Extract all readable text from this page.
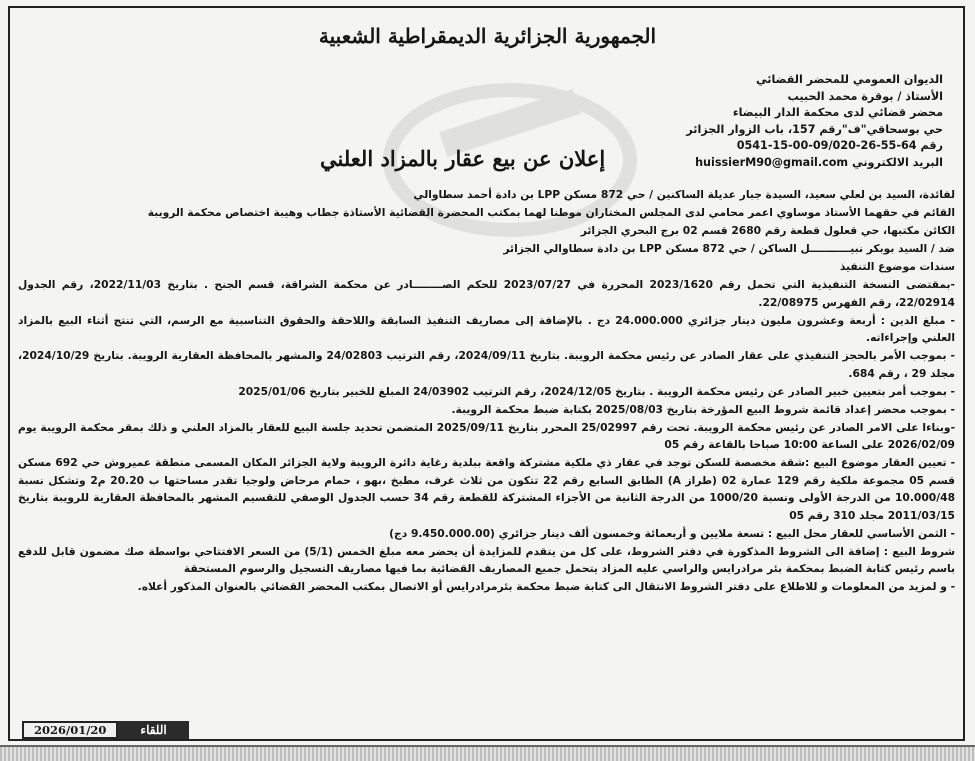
الجمهورية الجزائرية الديمقراطية الشعبية
الديوان العمومي للمحضر القضائي
الأستاذ / بوقرة محمد الحبيب
محضر قضائي لدى محكمة الدار البيضاء
حي بوسحاقي"ف"رقم 157، باب الزوار الجزائر
رقم 0541-15-00-09/020-26-55-64
البريد الالكتروني huissierM90@gmail.com
إعلان عن بيع عقار بالمزاد العلني

لفائدة، السيد بن لعلي سعيد، السيدة جبار عديلة الساكنين / حي 872 مسكن LPP بن دادة أحمد سطاوالي

القائم في حقهما الأستاذ موساوي اعمر محامي لدى المجلس المختاران موطنا لهما بمكتب المحضرة القضائية الأستاذة جطاب وهيبة اختصاص محكمة الرويبة

الكائن مكتبها، حي قعلول قطعة رقم 2680 قسم 02 برج البحري الجزائر

ضد / السيد بوبكر نبيـــــــــــل الساكن / حي 872 مسكن LPP بن دادة سطاوالي الجزائر

سندات موضوع التنفيذ

-بمقتضى النسخة التنفيذية التي تحمل رقم 2023/1620 المحررة في 2023/07/27 للحكم الصــــــــادر عن محكمة الشراقة، قسم الجنح . بتاريخ 2022/11/03، رقم الجدول 22/02914، رقم الفهرس 22/08975.

- مبلغ الدين : أربعة وعشرون مليون دينار جزائري 24.000.000 دج . بالإضافة إلى مصاريف التنفيذ السابقة واللاحقة والحقوق التناسبية مع الرسم، التي تنتج أثناء البيع بالمزاد العلني وإجراءاته.

- بموجب الأمر بالحجز التنفيذي على عقار الصادر عن رئيس محكمة الرويبة. بتاريخ 2024/09/11، رقم الترتيب 24/02803 والمشهر بالمحافظة العقارية الرويبة. بتاريخ 2024/10/29، مجلد 29 ، رقم 684.

- بموجب أمر بتعيين خبير الصادر عن رئيس محكمة الرويبة . بتاريخ 2024/12/05، رقم الترتيب 24/03902 المبلغ للخبير بتاريخ 2025/01/06

- بموجب محضر إعداد قائمة شروط البيع المؤرخة بتاريخ 2025/08/03 بكتابة ضبط محكمة الرويبة.

-وبناءا على الامر الصادر عن رئيس محكمة الرويبة. تحت رقم 25/02997 المحرر بتاريخ 2025/09/11 المتضمن تحديد جلسة البيع للعقار بالمزاد العلني و ذلك بمقر محكمة الرويبة يوم 2026/02/09 على الساعة 10:00 صباحا بالقاعة رقم 05

- تعيين العقار موضوع البيع :شقة مخصصة للسكن توجد في عقار ذي ملكية مشتركة واقعة ببلدية رغاية دائرة الرويبة ولاية الجزائر المكان المسمى منطقة عميروش حي 692 مسكن قسم 05 مجموعة ملكية رقم 129 عمارة 02 (طراز A) الطابق السابع رقم 22 تتكون من ثلاث غرف، مطبخ ،بهو ، حمام مرحاض ولوجيا تقدر مساحتها ب 20.20 م2 وتشكل نسبة 10.000/48 من الدرجة الأولى ونسبة 1000/20 من الدرجة الثانية من الأجزاء المشتركة للقطعة رقم 34 حسب الجدول الوصفي للتقسيم المشهر بالمحافظة العقارية للرويبة بتاريخ 2011/03/15 مجلد 310 رقم 05

- الثمن الأساسي للعقار محل البيع : تسعة ملايين و أربعمائة وخمسون ألف دينار جزائري (9.450.000.00 دج)

شروط البيع : إضافة الى الشروط المذكورة في دفتر الشروط، على كل من يتقدم للمزايدة أن يحضر معه مبلغ الخمس (5/1) من السعر الافتتاحي بواسطة صك مضمون قابل للدفع باسم رئيس كتابة الضبط بمحكمة بئر مرادرايس والراسي عليه المزاد يتحمل جميع المصاريف القضائية بما فيها مصاريف التسجيل والرسوم المستحقة

- و لمزيد من المعلومات و للاطلاع على دفتر الشروط الانتقال الى كتابة ضبط محكمة بئرمرادرايس أو الاتصال بمكتب المحضر القضائي بالعنوان المذكور أعلاه.

2026/01/20	اللقاء
